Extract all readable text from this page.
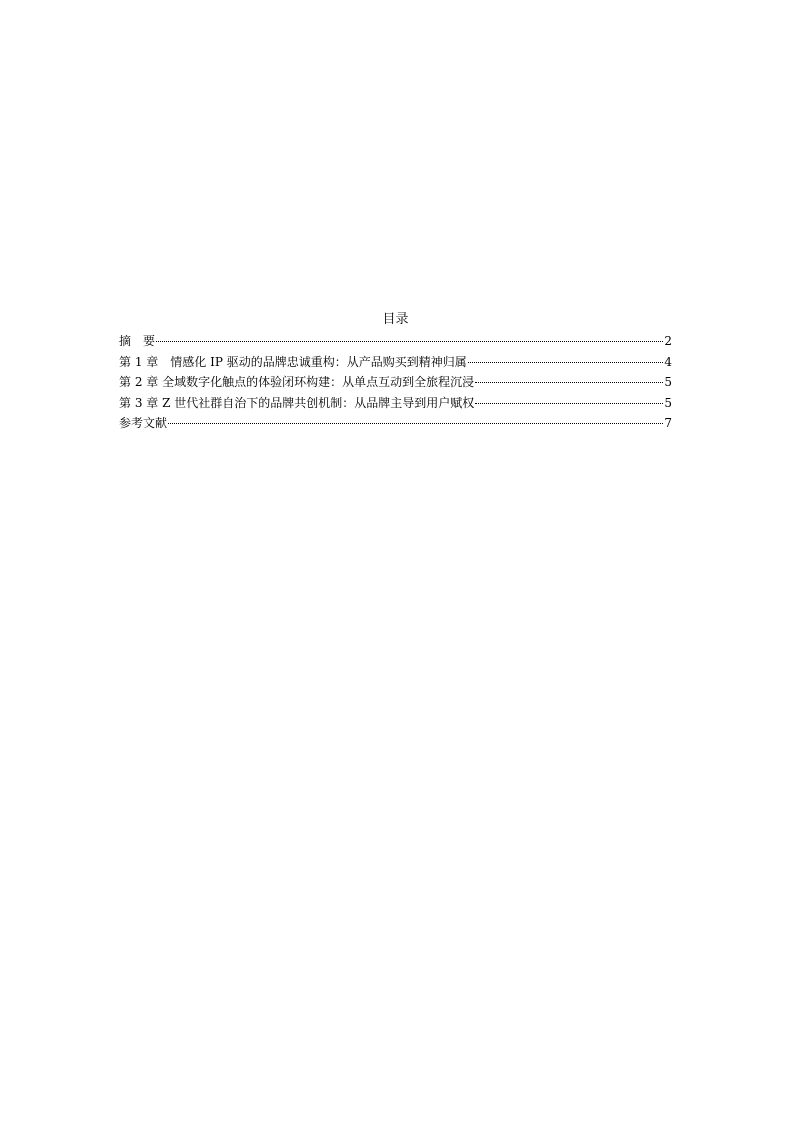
目录
摘　要	2
第 1 章　情感化 IP 驱动的品牌忠诚重构：从产品购买到精神归属	4
第 2 章 全域数字化触点的体验闭环构建：从单点互动到全旅程沉浸	5
第 3 章 Z 世代社群自治下的品牌共创机制：从品牌主导到用户赋权	5
参考文献	7
